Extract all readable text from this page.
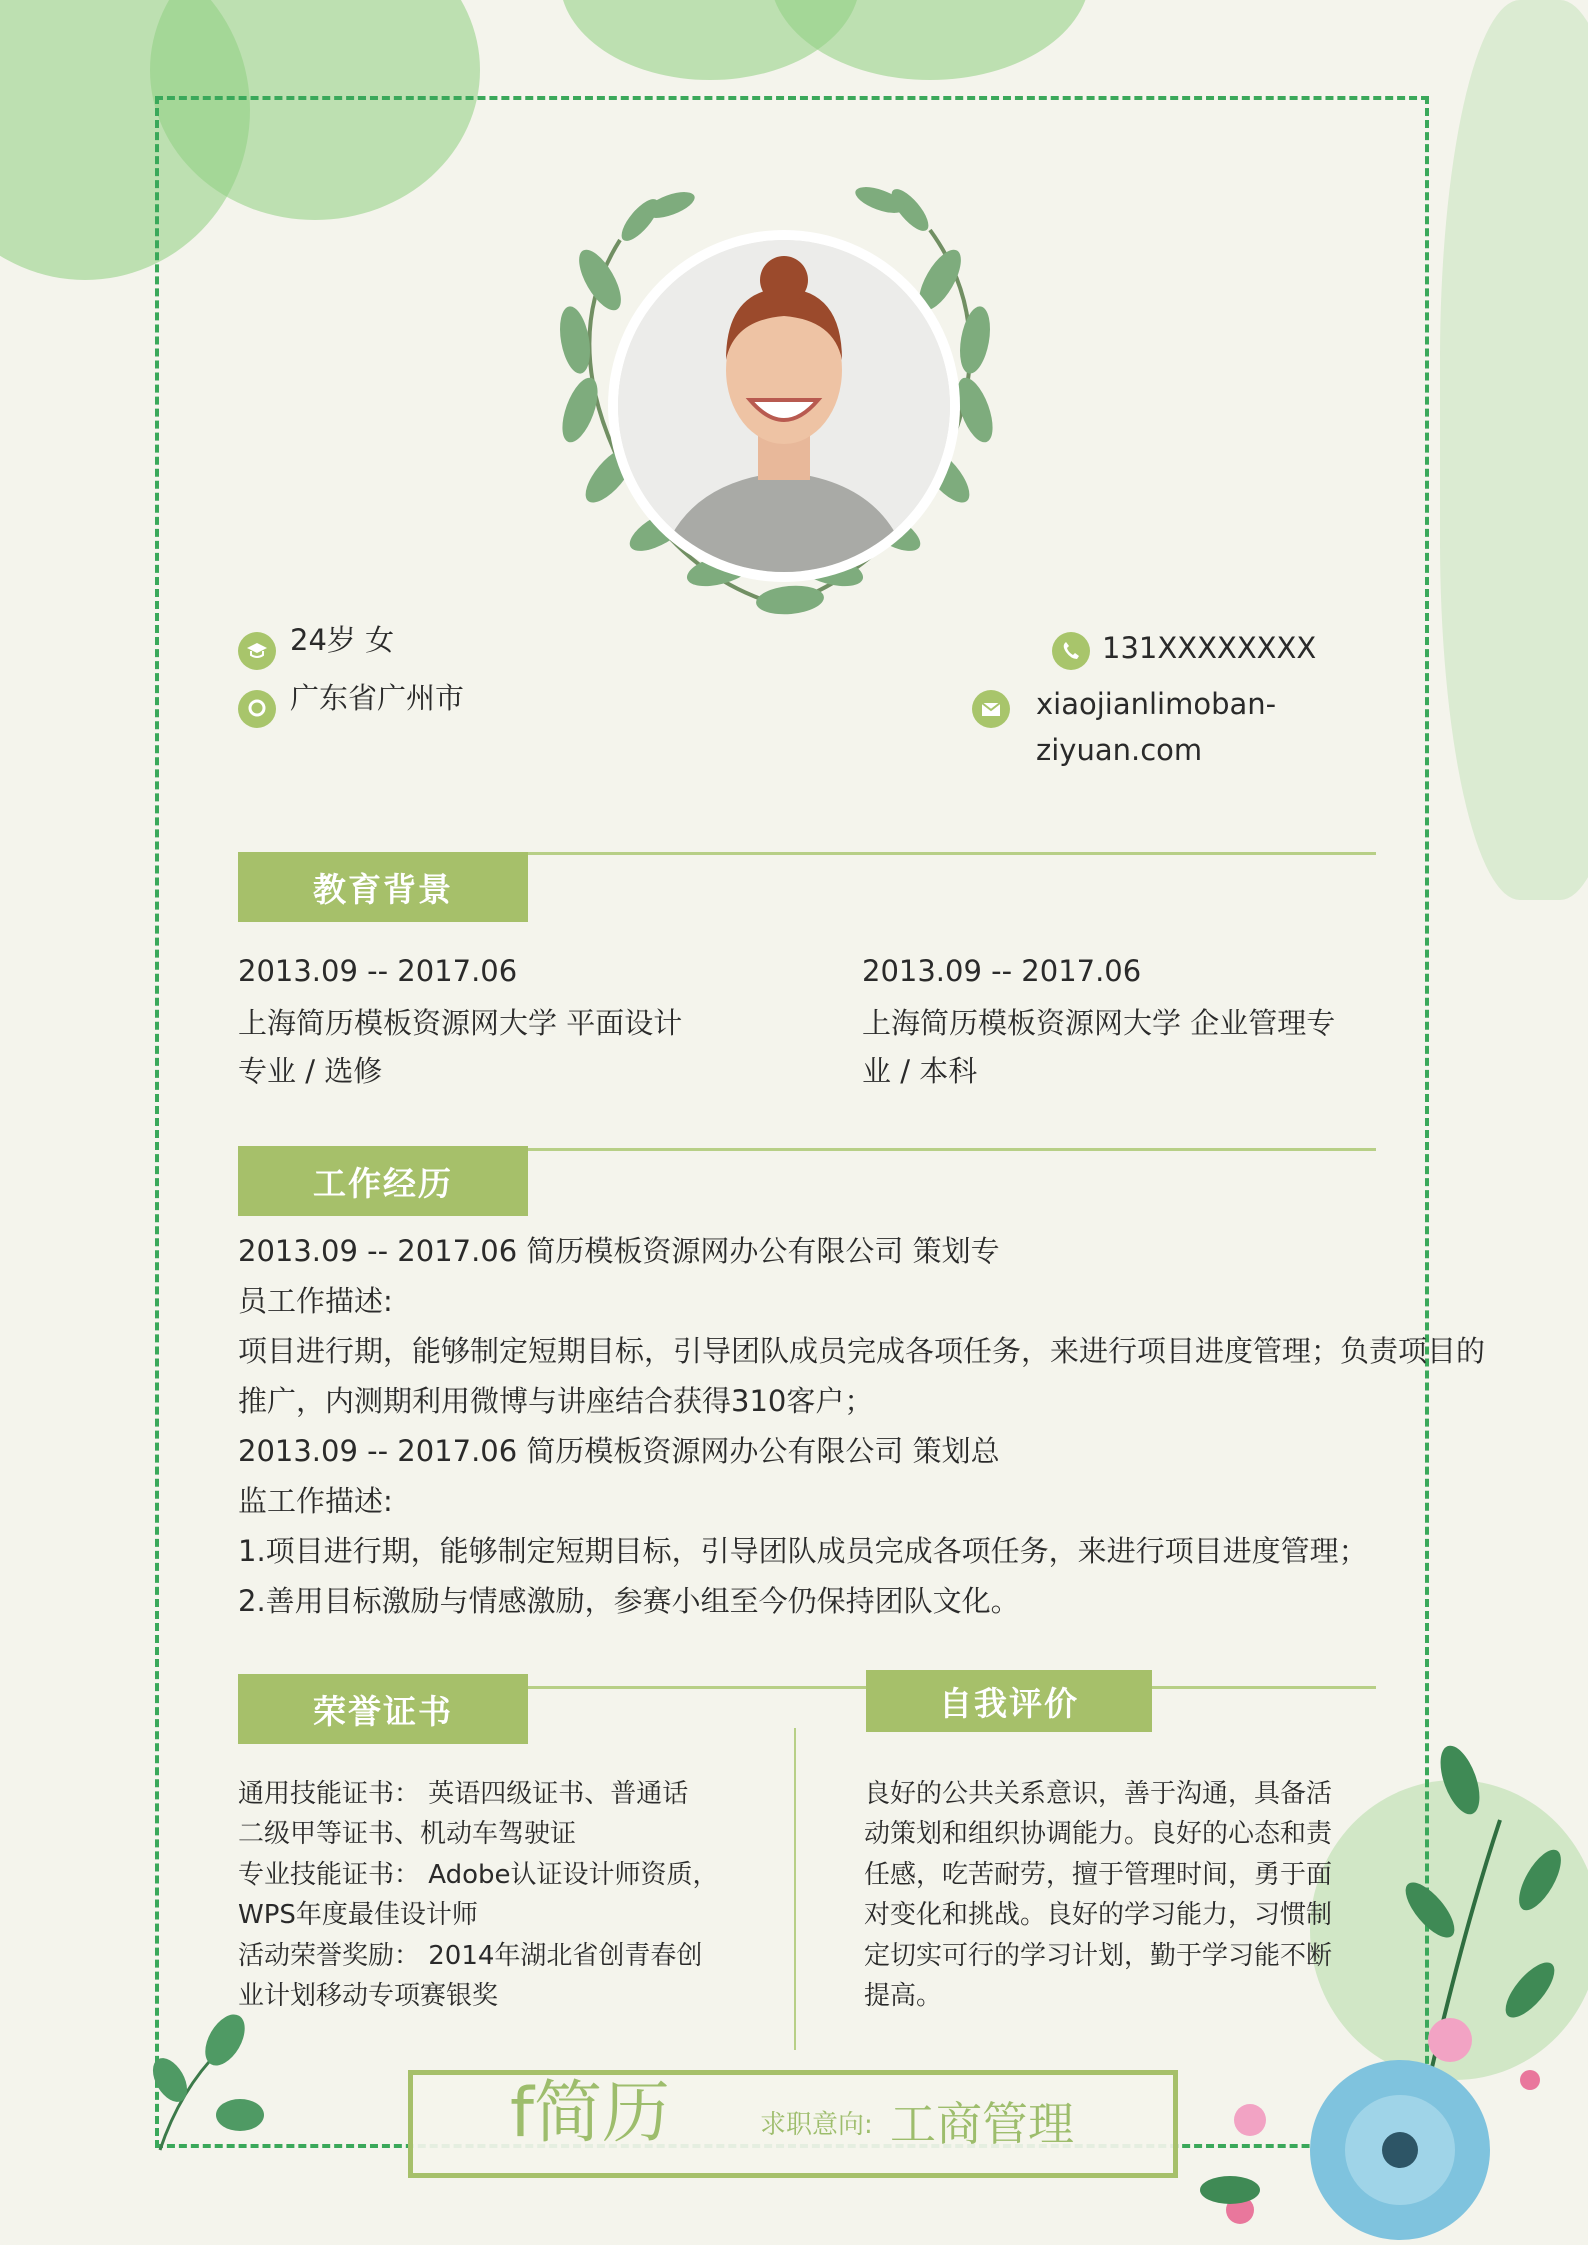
24岁 女
广东省广州市
131XXXXXXXX
xiaojianlimoban-
ziyuan.com
教育背景
2013.09 -- 2017.06
上海简历模板资源网大学 平面设计
专业 / 选修
2013.09 -- 2017.06
上海简历模板资源网大学 企业管理专
业 / 本科
工作经历
2013.09 -- 2017.06 简历模板资源网办公有限公司 策划专
员工作描述:
项目进行期，能够制定短期目标，引导团队成员完成各项任务，来进行项目进度管理；负责项目的
推广，内测期利用微博与讲座结合获得310客户；
2013.09 -- 2017.06 简历模板资源网办公有限公司 策划总
监工作描述:
1.项目进行期，能够制定短期目标，引导团队成员完成各项任务，来进行项目进度管理；
2.善用目标激励与情感激励，参赛小组至今仍保持团队文化。
荣誉证书	自我评价
通用技能证书： 英语四级证书、普通话
二级甲等证书、机动车驾驶证
专业技能证书： Adobe认证设计师资质，
WPS年度最佳设计师
活动荣誉奖励： 2014年湖北省创青春创
业计划移动专项赛银奖
良好的公共关系意识，善于沟通，具备活
动策划和组织协调能力。良好的心态和责
任感，吃苦耐劳，擅于管理时间，勇于面
对变化和挑战。良好的学习能力，习惯制
定切实可行的学习计划，勤于学习能不断
提高。
f简历	求职意向: 工商管理
